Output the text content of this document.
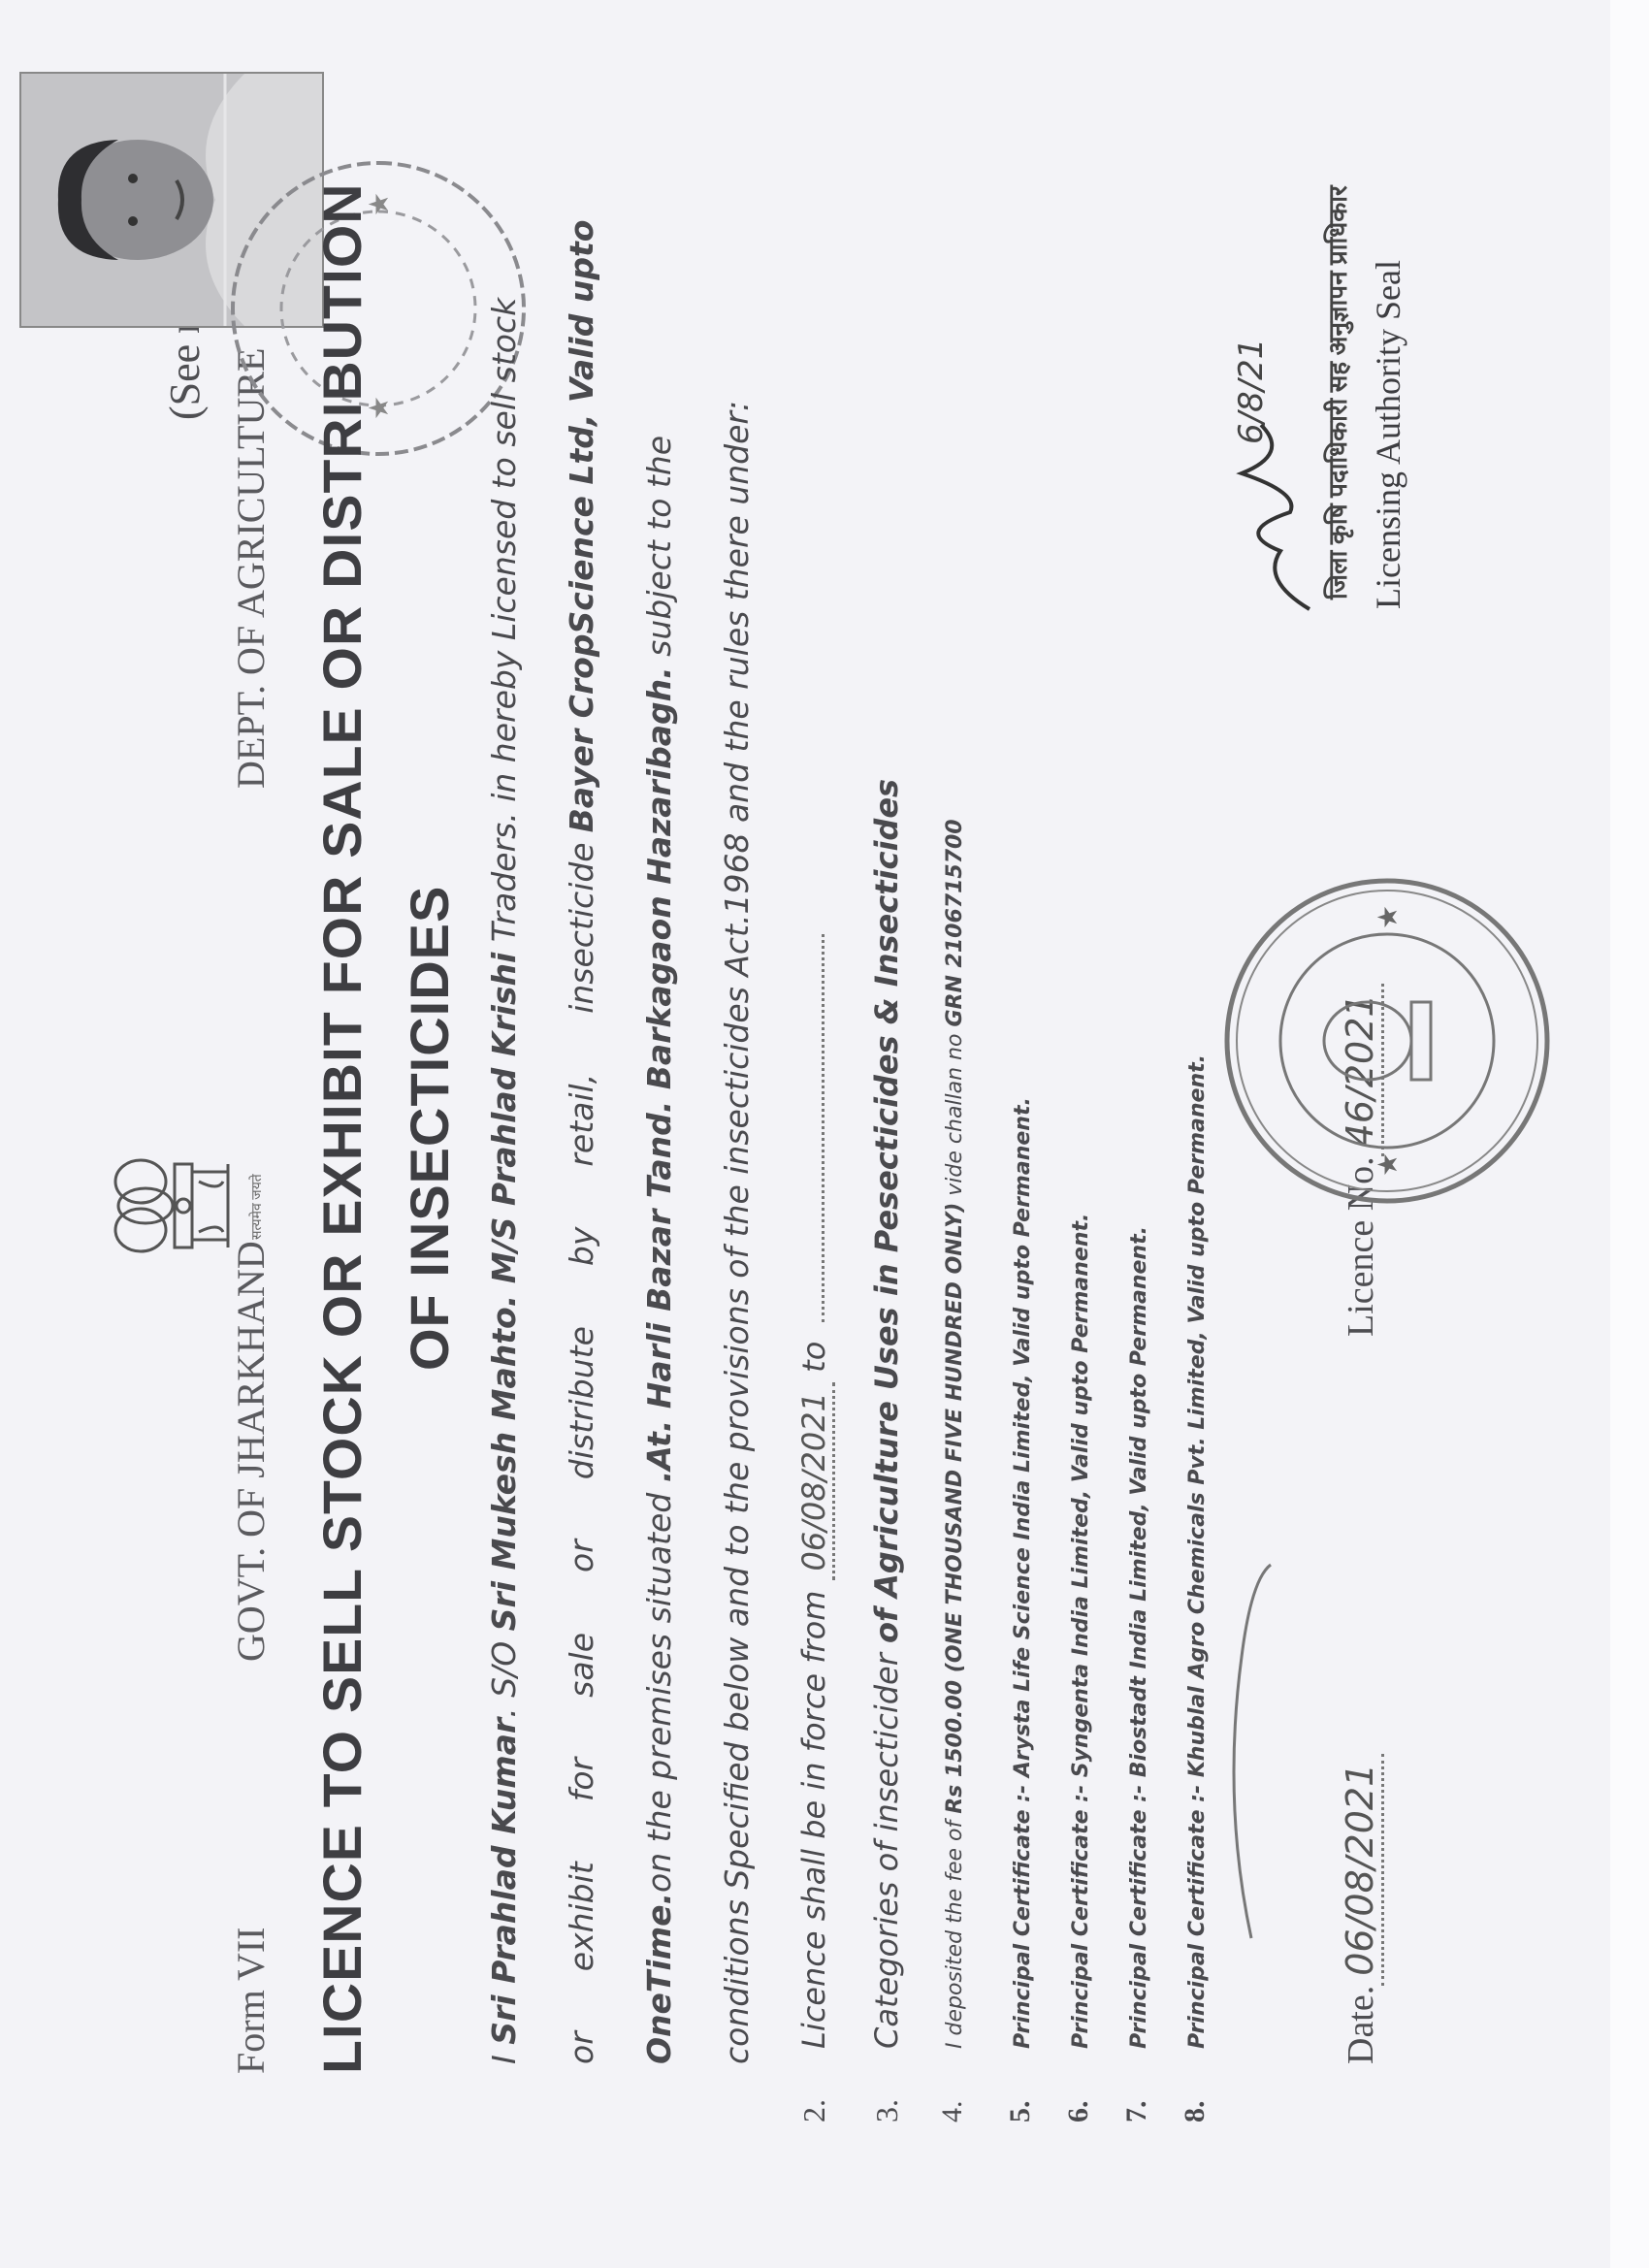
Form VII
GOVT. OF JHARKHAND
सत्यमेव जयते
DEPT. OF AGRICULTURE	★
★
LICENCE TO SELL STOCK OR EXHIBIT FOR SALE OR DISTRIBUTION OF INSECTICIDES
I Sri Prahlad Kumar. S/O Sri Mukesh Mahto. M/S Prahlad Krishi Traders. in hereby Licensed to sell stock
orexhibitforsaleordistributebyretail,insecticideBayer CropScience Ltd, Valid upto
OneTime.on the premises situated .At. Harli Bazar Tand. Barkagaon Hazaribagh. subject to the conditions Specified below and to the provisions of the insecticides Act.1968 and the rules there under:
2.Licence shall be in force from 06/08/2021 to
3.Categories of insecticider of Agriculture Uses in Pesecticides & Insecticides
4.I deposited the fee of Rs 1500.00 (ONE THOUSAND FIVE HUNDRED ONLY) vide challan no GRN 2106715700
5.Principal Certificate :- Arysta Life Science India Limited, Valid upto Permanent.
6.Principal Certificate :- Syngenta India Limited, Valid upto Permanent.
7.Principal Certificate :- Biostadt India Limited, Valid upto Permanent.
8.Principal Certificate :- Khublal Agro Chemicals Pvt. Limited, Valid upto Permanent.	Date.06/08/2021
Licence No.46/2021
★
★
6/8/21 जिला कृषि पदाधिकारी सह अनुज्ञापन प्राधिकार Licensing Authority Seal
